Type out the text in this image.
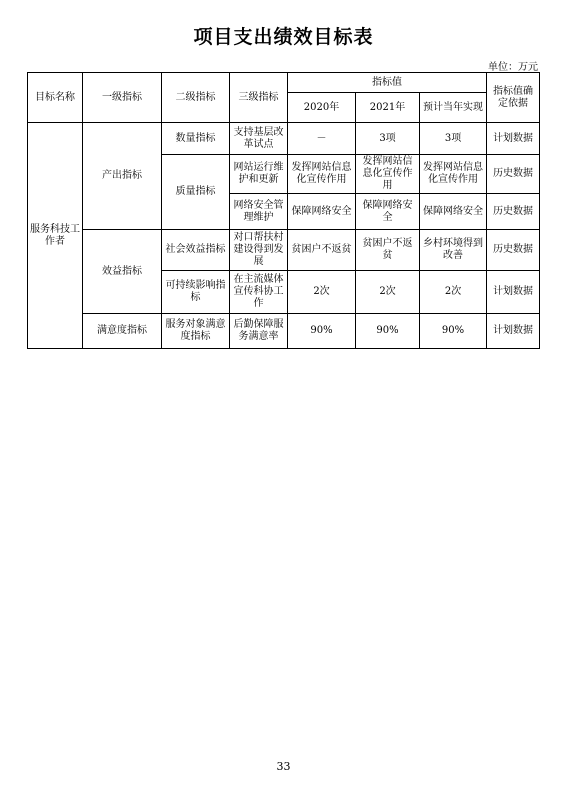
项目支出绩效目标表
单位：万元
目标名称	一级指标	二级指标	三级指标	指标值			指标值确定依据
				2020年	2021年	预计当年实现	
服务科技工作者	产出指标	数量指标	支持基层改革试点	－	3项	3项	计划数据
		质量指标	网站运行维护和更新	发挥网站信息化宣传作用	发挥网站信息化宣传作用	发挥网站信息化宣传作用	历史数据
			网络安全管理维护	保障网络安全	保障网络安全	保障网络安全	历史数据
	效益指标	社会效益指标	对口帮扶村建设得到发展	贫困户不返贫	贫困户不返贫	乡村环境得到改善	历史数据
		可持续影响指标	在主流媒体宣传科协工作	2次	2次	2次	计划数据
	满意度指标	服务对象满意度指标	后勤保障服务满意率	90%	90%	90%	计划数据
33
